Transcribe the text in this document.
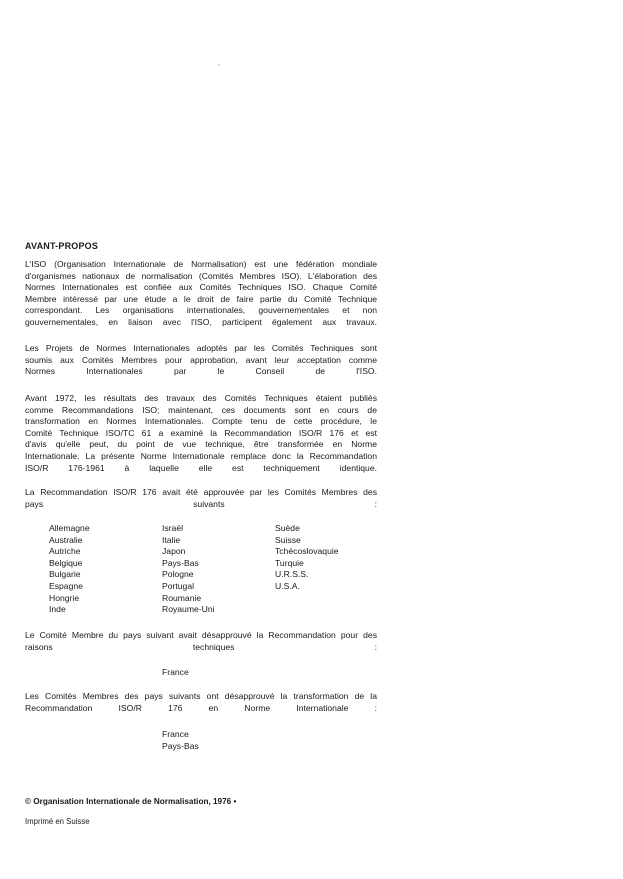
AVANT-PROPOS

L'ISO (Organisation Internationale de Normalisation) est une fédération mondiale
d'organismes nationaux de normalisation (Comités Membres ISO). L'élaboration des
Normes Internationales est confiée aux Comités Techniques ISO. Chaque Comité
Membre intéressé par une étude a le droit de faire partie du Comité Technique
correspondant. Les organisations internationales, gouvernementales et non
gouvernementales, en liaison avec l'ISO, participent également aux travaux.

Les Projets de Normes Internationales adoptés par les Comités Techniques sont
soumis aux Comités Membres pour approbation, avant leur acceptation comme
Normes Internationales par le Conseil de l'ISO.

Avant 1972, les résultats des travaux des Comités Techniques étaient publiés
comme Recommandations ISO; maintenant, ces documents sont en cours de
transformation en Normes Internationales. Compte tenu de cette procédure, le
Comité Technique ISO/TC 61 a examiné la Recommandation ISO/R 176 et est
d'avis qu'elle peut, du point de vue technique, être transformée en Norme
Internationale. La présente Norme Internationale remplace donc la Recommandation
ISO/R 176-1961 à laquelle elle est techniquement identique.

La Recommandation ISO/R 176 avait été approuvée par les Comités Membres des
pays suivants :

Allemagne
Australie
Autriche
Belgique
Bulgarie
Espagne
Hongrie
Inde
Israël
Italie
Japon
Pays-Bas
Pologne
Portugal
Roumanie
Royaume-Uni
Suède
Suisse
Tchécoslovaquie
Turquie
U.R.S.S.
U.S.A.

Le Comité Membre du pays suivant avait désapprouvé la Recommandation pour des
raisons techniques :

France

Les Comités Membres des pays suivants ont désapprouvé la transformation de la
Recommandation ISO/R 176 en Norme Internationale :

France
Pays-Bas
© Organisation Internationale de Normalisation, 1976 •
Imprimé en Suisse
